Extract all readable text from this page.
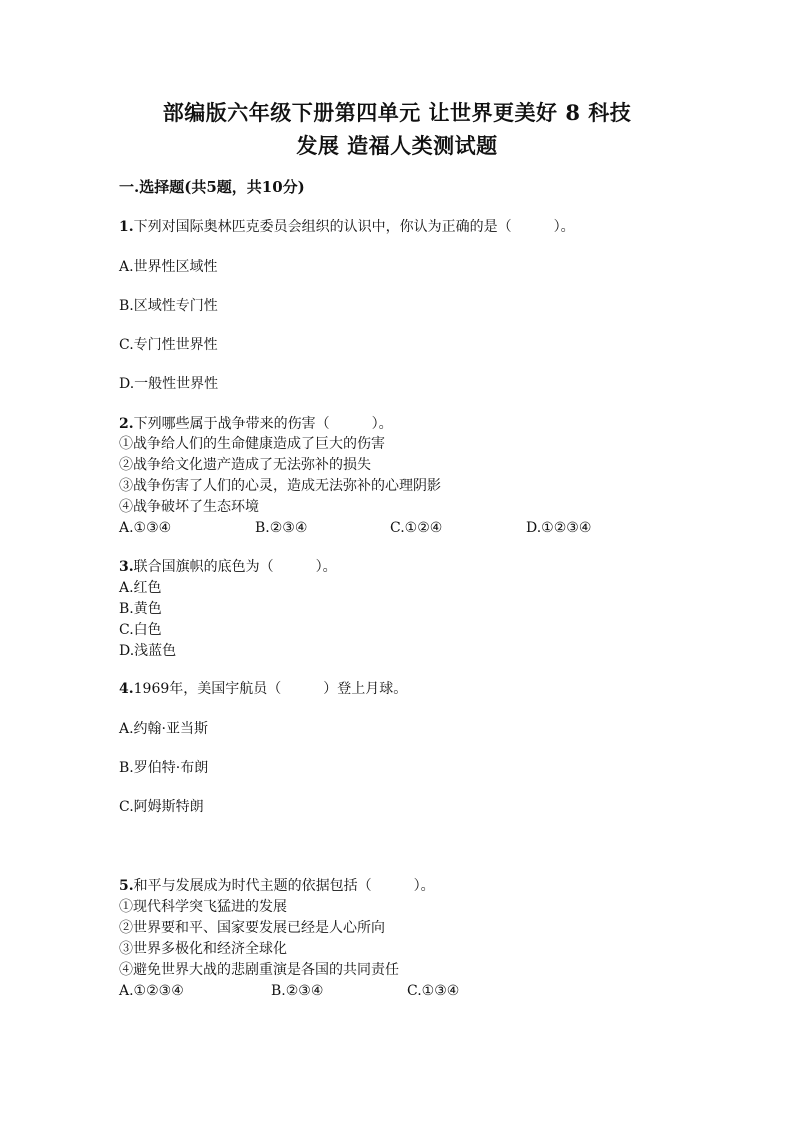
部编版六年级下册第四单元 让世界更美好 8 科技
发展 造福人类测试题
一.选择题(共5题，共10分)
1.下列对国际奥林匹克委员会组织的认识中，你认为正确的是（　　　）。
A.世界性区域性
B.区域性专门性
C.专门性世界性
D.一般性世界性
2.下列哪些属于战争带来的伤害（　　　）。
①战争给人们的生命健康造成了巨大的伤害
②战争给文化遗产造成了无法弥补的损失
③战争伤害了人们的心灵，造成无法弥补的心理阴影
④战争破坏了生态环境
A.①③④	B.②③④	C.①②④	D.①②③④
3.联合国旗帜的底色为（　　　）。
A.红色
B.黄色
C.白色
D.浅蓝色
4.1969年，美国宇航员（　　　）登上月球。
A.约翰·亚当斯
B.罗伯特·布朗
C.阿姆斯特朗
5.和平与发展成为时代主题的依据包括（　　　）。
①现代科学突飞猛进的发展
②世界要和平、国家要发展已经是人心所向
③世界多极化和经济全球化
④避免世界大战的悲剧重演是各国的共同责任
A.①②③④	B.②③④	C.①③④
